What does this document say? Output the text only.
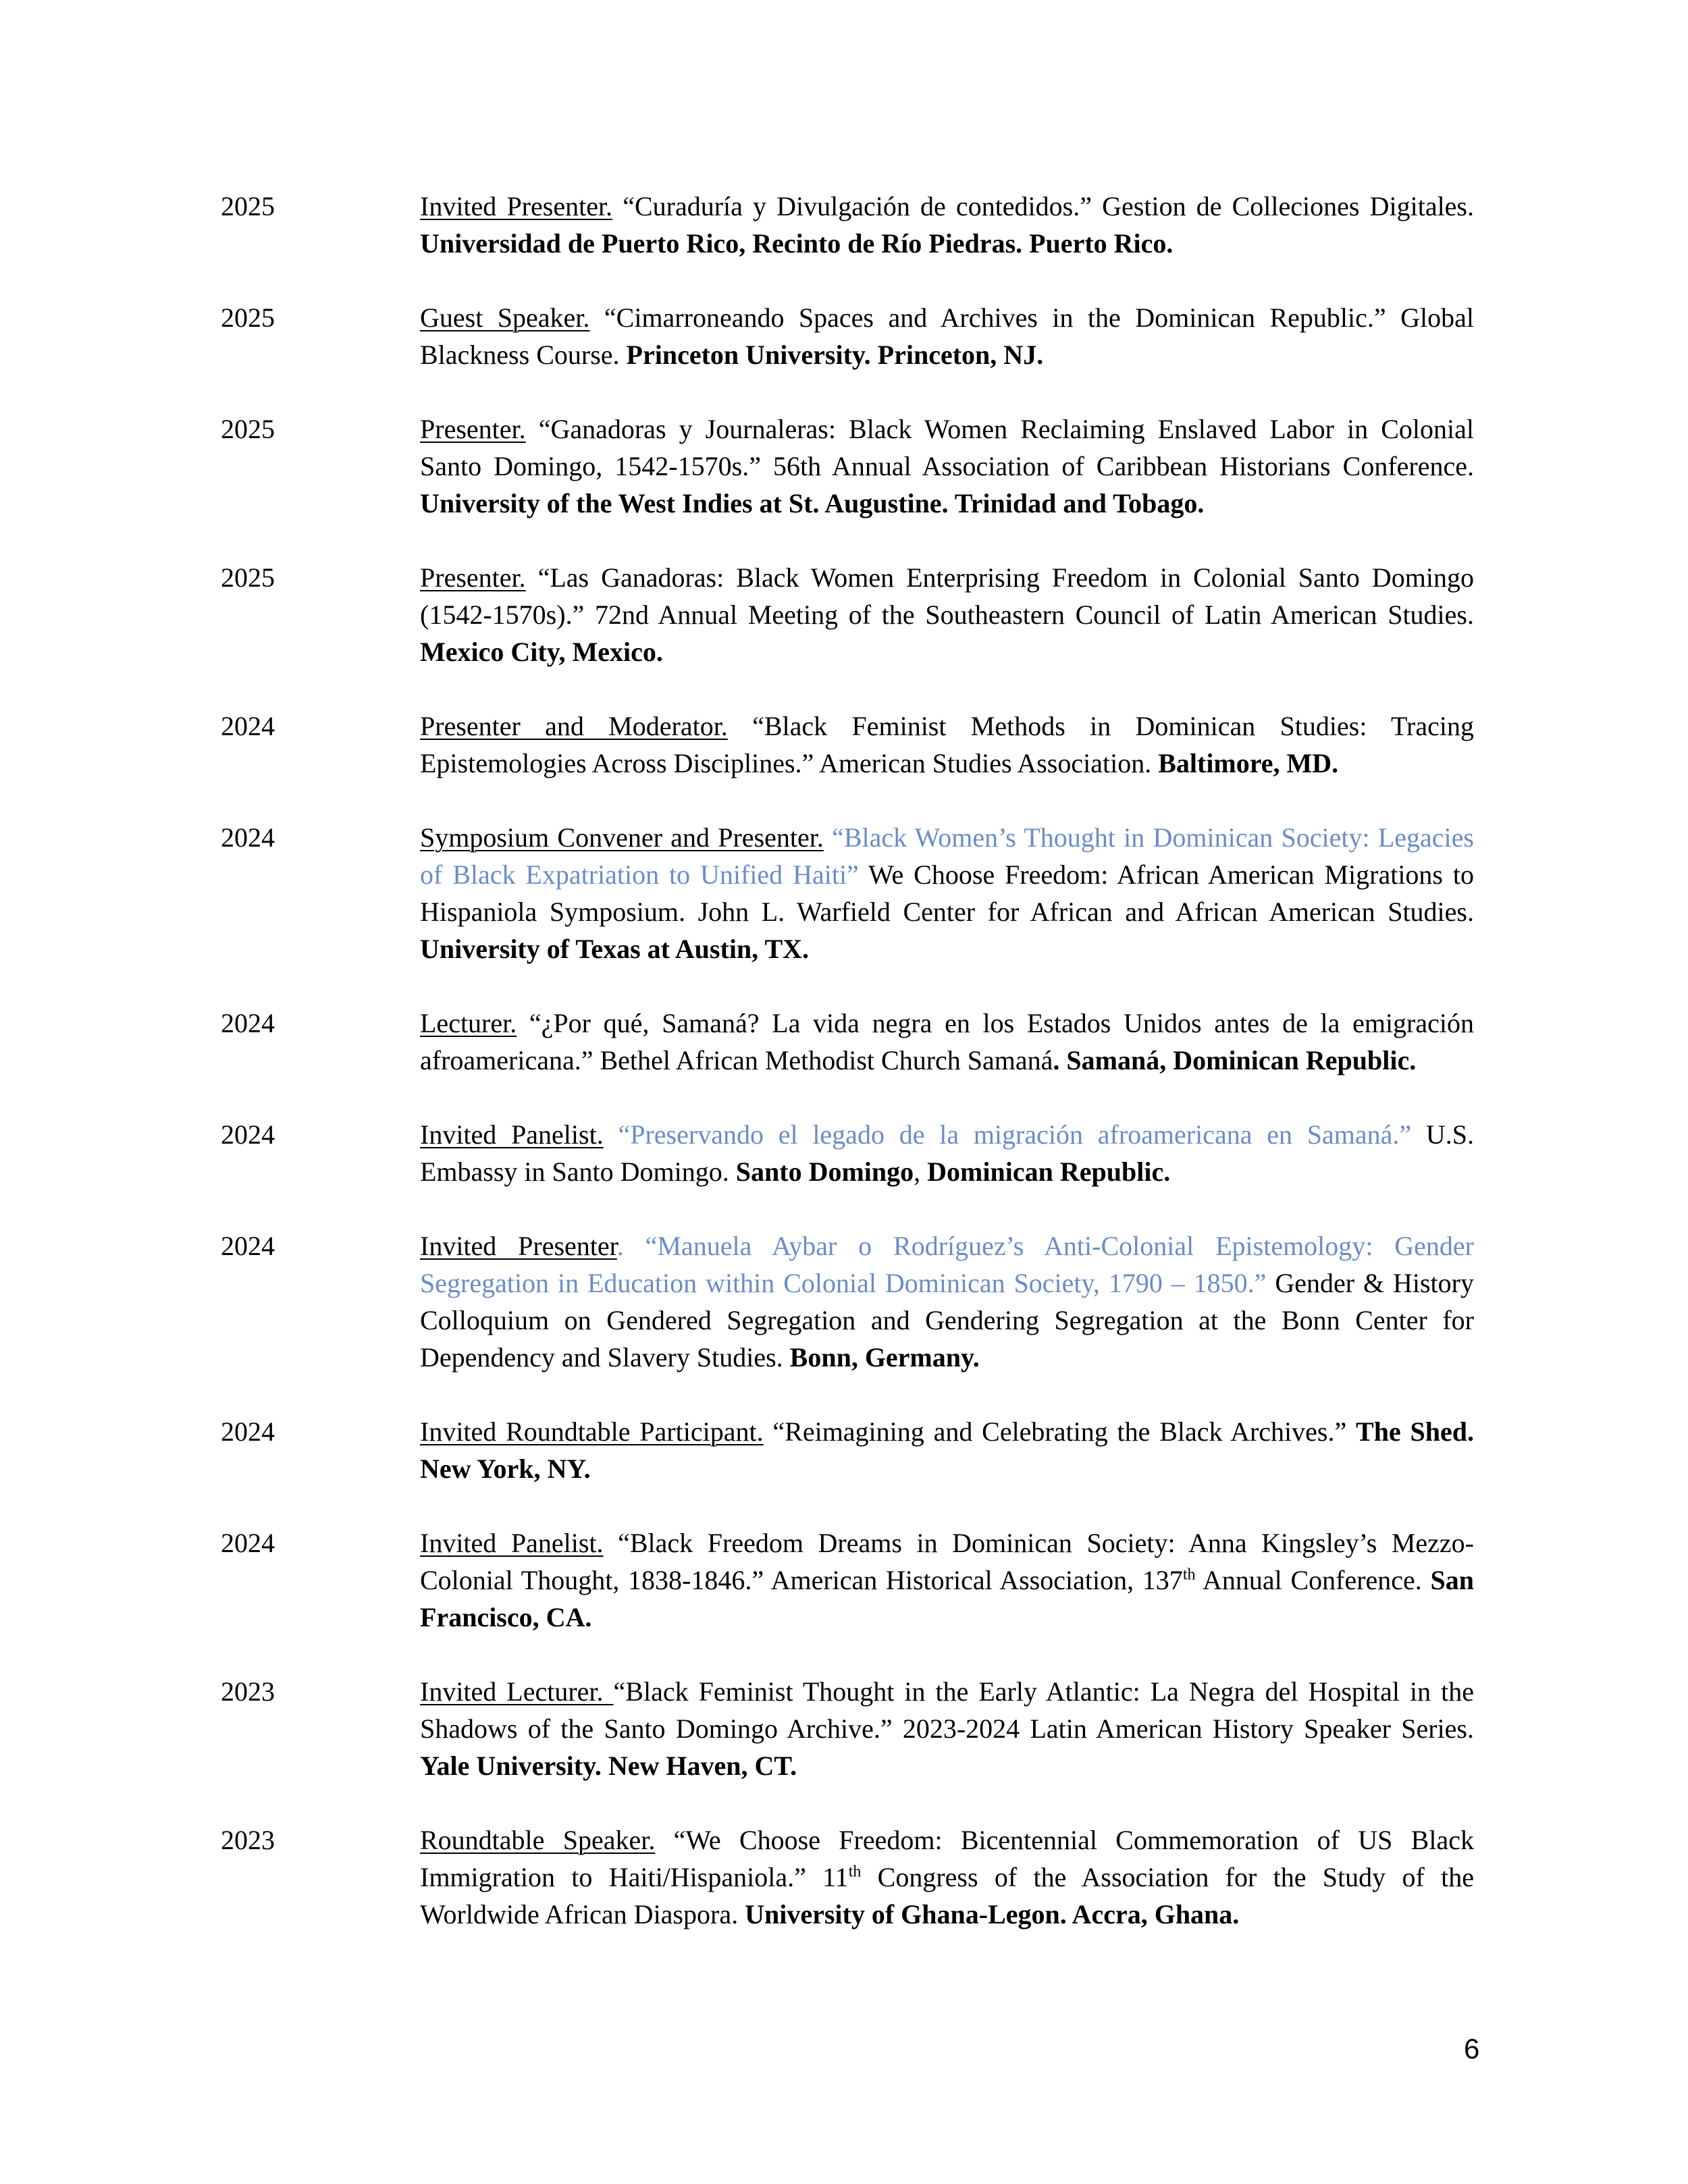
2025	Invited Presenter. “Curaduría y Divulgación de contedidos.” Gestion de Colleciones Digitales. Universidad de Puerto Rico, Recinto de Río Piedras. Puerto Rico.
2025	Guest Speaker. “Cimarroneando Spaces and Archives in the Dominican Republic.” Global Blackness Course. Princeton University. Princeton, NJ.
2025	Presenter. “Ganadoras y Journaleras: Black Women Reclaiming Enslaved Labor in Colonial Santo Domingo, 1542-1570s.” 56th Annual Association of Caribbean Historians Conference. University of the West Indies at St. Augustine. Trinidad and Tobago.
2025	Presenter. “Las Ganadoras: Black Women Enterprising Freedom in Colonial Santo Domingo (1542-1570s).” 72nd Annual Meeting of the Southeastern Council of Latin American Studies. Mexico City, Mexico.
2024	Presenter and Moderator. “Black Feminist Methods in Dominican Studies: Tracing Epistemologies Across Disciplines.” American Studies Association. Baltimore, MD.
2024	Symposium Convener and Presenter. “Black Women’s Thought in Dominican Society: Legacies of Black Expatriation to Unified Haiti” We Choose Freedom: African American Migrations to Hispaniola Symposium. John L. Warfield Center for African and African American Studies. University of Texas at Austin, TX.
2024	Lecturer. “¿Por qué, Samaná? La vida negra en los Estados Unidos antes de la emigración afroamericana.” Bethel African Methodist Church Samaná. Samaná, Dominican Republic.
2024	Invited Panelist. “Preservando el legado de la migración afroamericana en Samaná.” U.S. Embassy in Santo Domingo. Santo Domingo, Dominican Republic.
2024	Invited Presenter. “Manuela Aybar o Rodríguez’s Anti-Colonial Epistemology: Gender Segregation in Education within Colonial Dominican Society, 1790 – 1850.” Gender & History Colloquium on Gendered Segregation and Gendering Segregation at the Bonn Center for Dependency and Slavery Studies. Bonn, Germany.
2024	Invited Roundtable Participant. “Reimagining and Celebrating the Black Archives.” The Shed. New York, NY.
2024	Invited Panelist. “Black Freedom Dreams in Dominican Society: Anna Kingsley’s Mezzo-Colonial Thought, 1838-1846.” American Historical Association, 137th Annual Conference. San Francisco, CA.
2023	Invited Lecturer. “Black Feminist Thought in the Early Atlantic: La Negra del Hospital in the Shadows of the Santo Domingo Archive.” 2023-2024 Latin American History Speaker Series. Yale University. New Haven, CT.
2023	Roundtable Speaker. “We Choose Freedom: Bicentennial Commemoration of US Black Immigration to Haiti/Hispaniola.” 11th Congress of the Association for the Study of the Worldwide African Diaspora. University of Ghana-Legon. Accra, Ghana.
6
